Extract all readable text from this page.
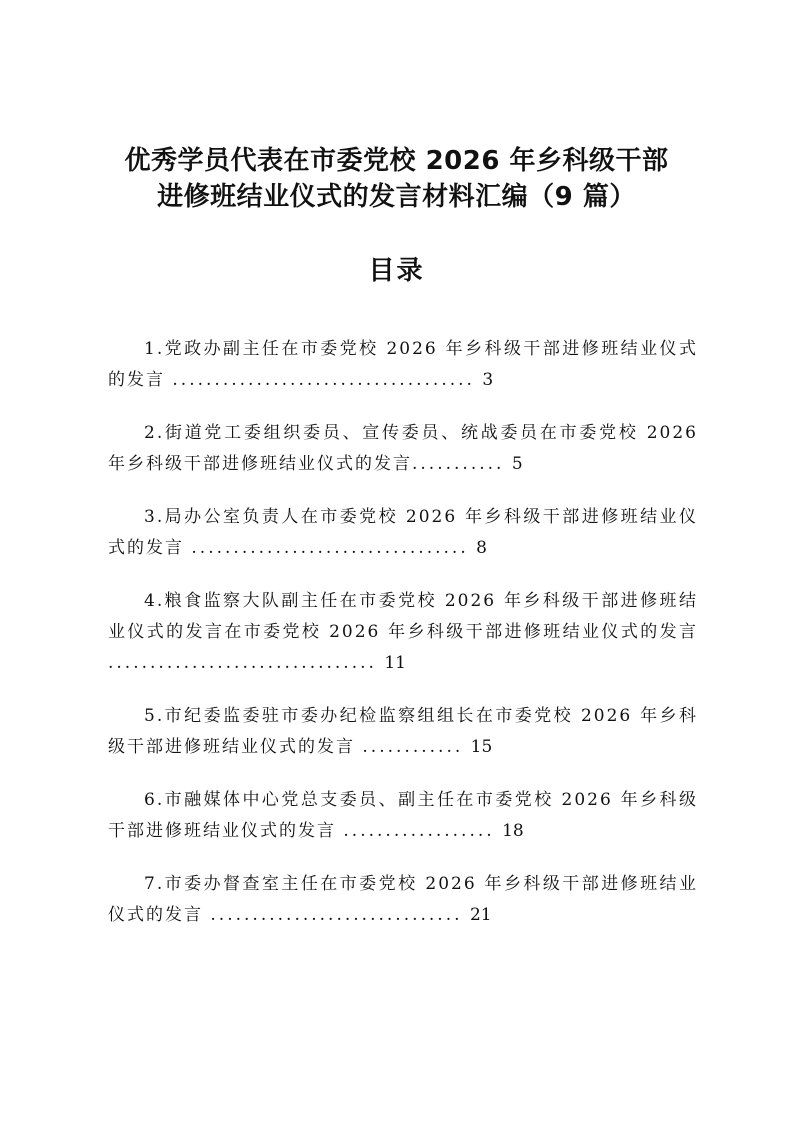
优秀学员代表在市委党校 2026 年乡科级干部
进修班结业仪式的发言材料汇编（9 篇）
目录

1.党政办副主任在市委党校 2026 年乡科级干部进修班结业仪式的发言 .................................... 3

2.街道党工委组织委员、宣传委员、统战委员在市委党校 2026 年乡科级干部进修班结业仪式的发言........... 5

3.局办公室负责人在市委党校 2026 年乡科级干部进修班结业仪式的发言 ................................. 8

4.粮食监察大队副主任在市委党校 2026 年乡科级干部进修班结业仪式的发言在市委党校 2026 年乡科级干部进修班结业仪式的发言 ................................ 11

5.市纪委监委驻市委办纪检监察组组长在市委党校 2026 年乡科级干部进修班结业仪式的发言 ............ 15

6.市融媒体中心党总支委员、副主任在市委党校 2026 年乡科级干部进修班结业仪式的发言 .................. 18

7.市委办督查室主任在市委党校 2026 年乡科级干部进修班结业仪式的发言 .............................. 21
